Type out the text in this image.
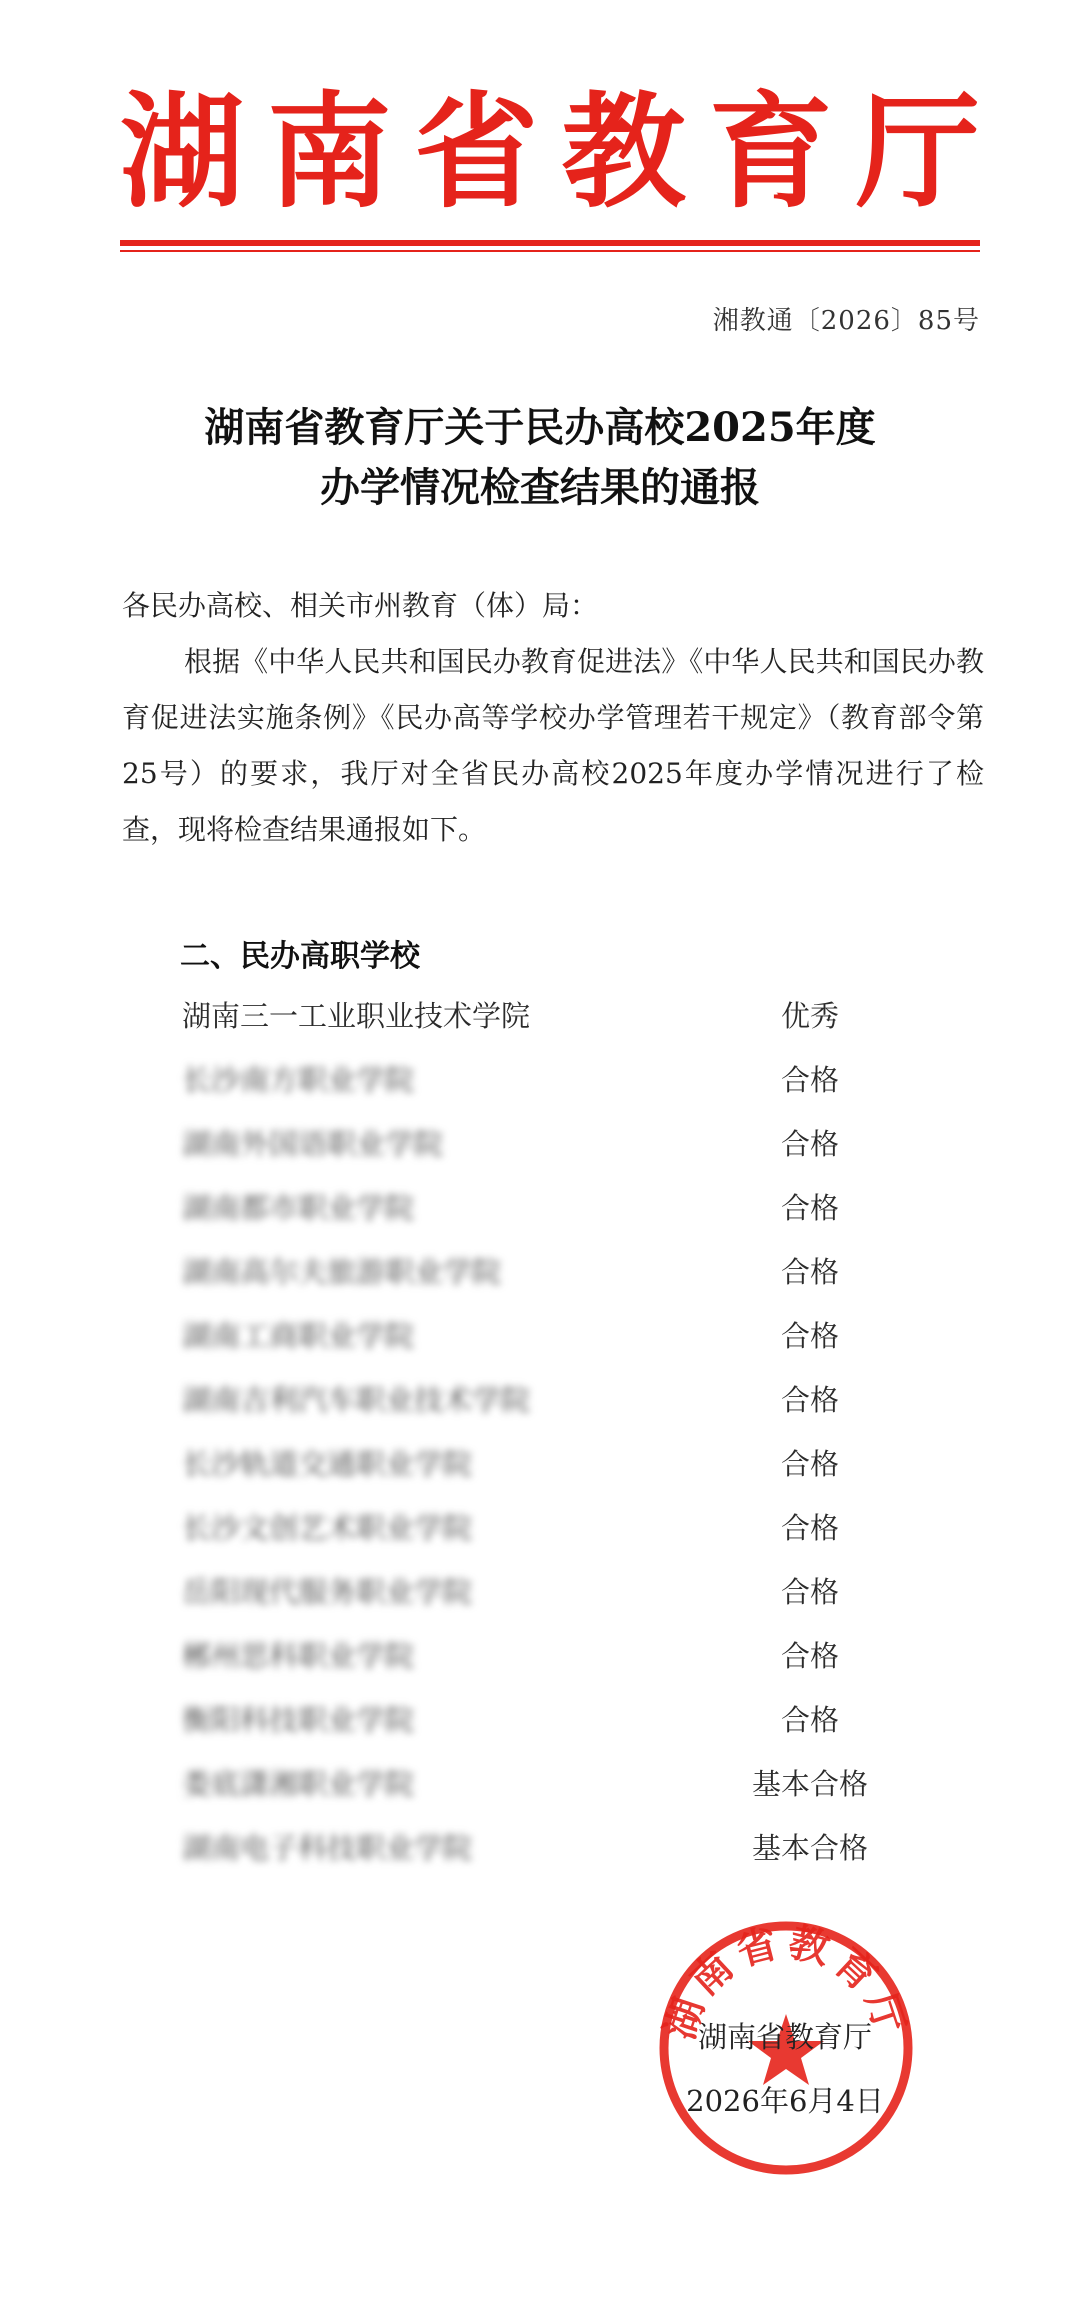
湖 南 省 教 育 厅
湘教通〔2026〕85号
湖南省教育厅关于民办高校2025年度
办学情况检查结果的通报

各民办高校、相关市州教育（体）局：

根据《中华人民共和国民办教育促进法》《中华人民共和国民办教育促进法实施条例》《民办高等学校办学管理若干规定》（教育部令第25号）的要求，我厅对全省民办高校2025年度办学情况进行了检查，现将检查结果通报如下。

二、民办高职学校
湖南三一工业职业技术学院	优秀
长沙南方职业学院	合格
湖南外国语职业学院	合格
湖南都市职业学院	合格
湖南高尔夫旅游职业学院	合格
湖南工商职业学院	合格
湖南吉利汽车职业技术学院	合格
长沙轨道交通职业学院	合格
长沙文创艺术职业学院	合格
岳阳现代服务职业学院	合格
郴州思科职业学院	合格
衡阳科技职业学院	合格
娄底潇湘职业学院	基本合格
湖南电子科技职业学院	基本合格
湖南省教育厅
湖南省教育厅
2026年6月4日
